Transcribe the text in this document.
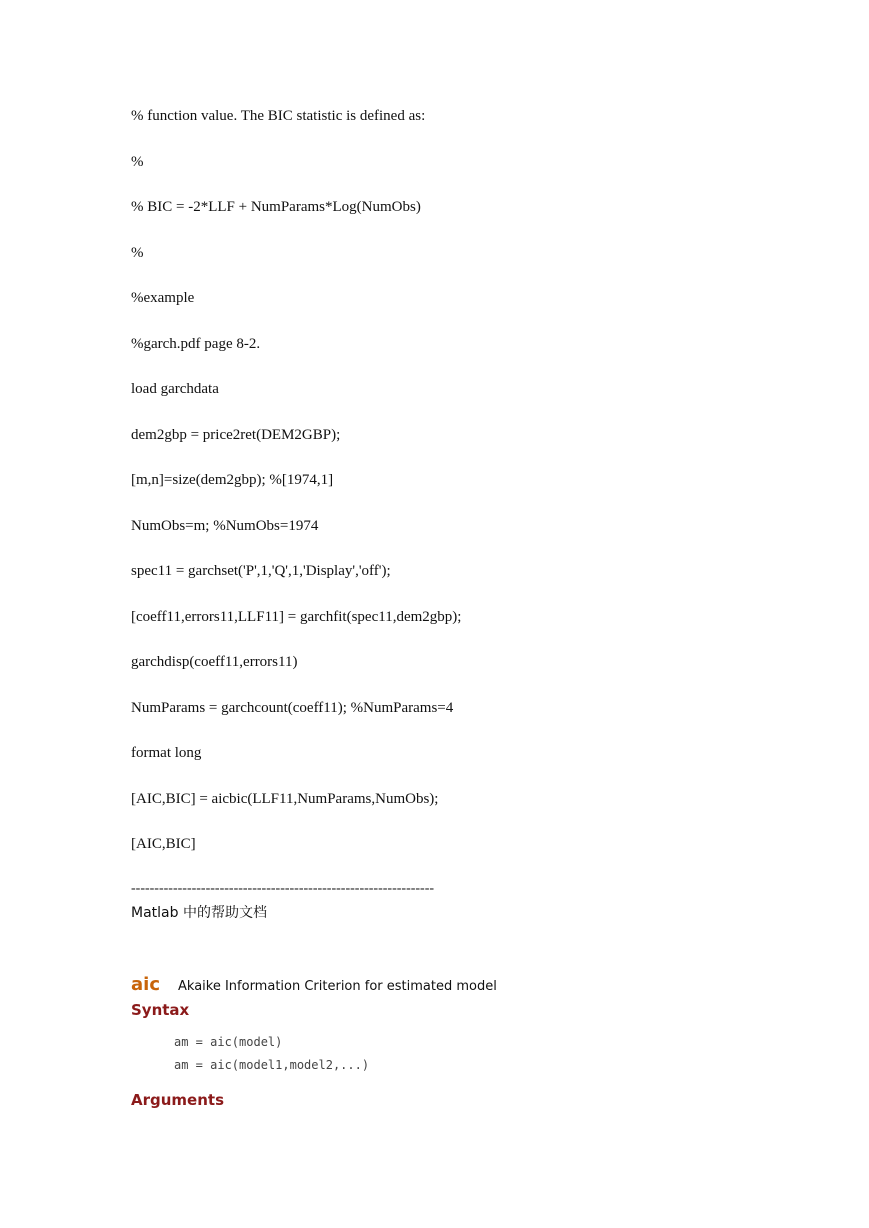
% function value. The BIC statistic is defined as:
%
% BIC = -2*LLF + NumParams*Log(NumObs)
%
%example
%garch.pdf page 8-2.
load garchdata
dem2gbp = price2ret(DEM2GBP);
[m,n]=size(dem2gbp); %[1974,1]
NumObs=m; %NumObs=1974
spec11 = garchset('P',1,'Q',1,'Display','off');
[coeff11,errors11,LLF11] = garchfit(spec11,dem2gbp);
garchdisp(coeff11,errors11)
NumParams = garchcount(coeff11); %NumParams=4
format long
[AIC,BIC] = aicbic(LLF11,NumParams,NumObs);
[AIC,BIC]
-----------------------------------------------------------------
Matlab 中的帮助文档
aic Akaike Information Criterion for estimated model
Syntax
am = aic(model)
am = aic(model1,model2,...)
Arguments
